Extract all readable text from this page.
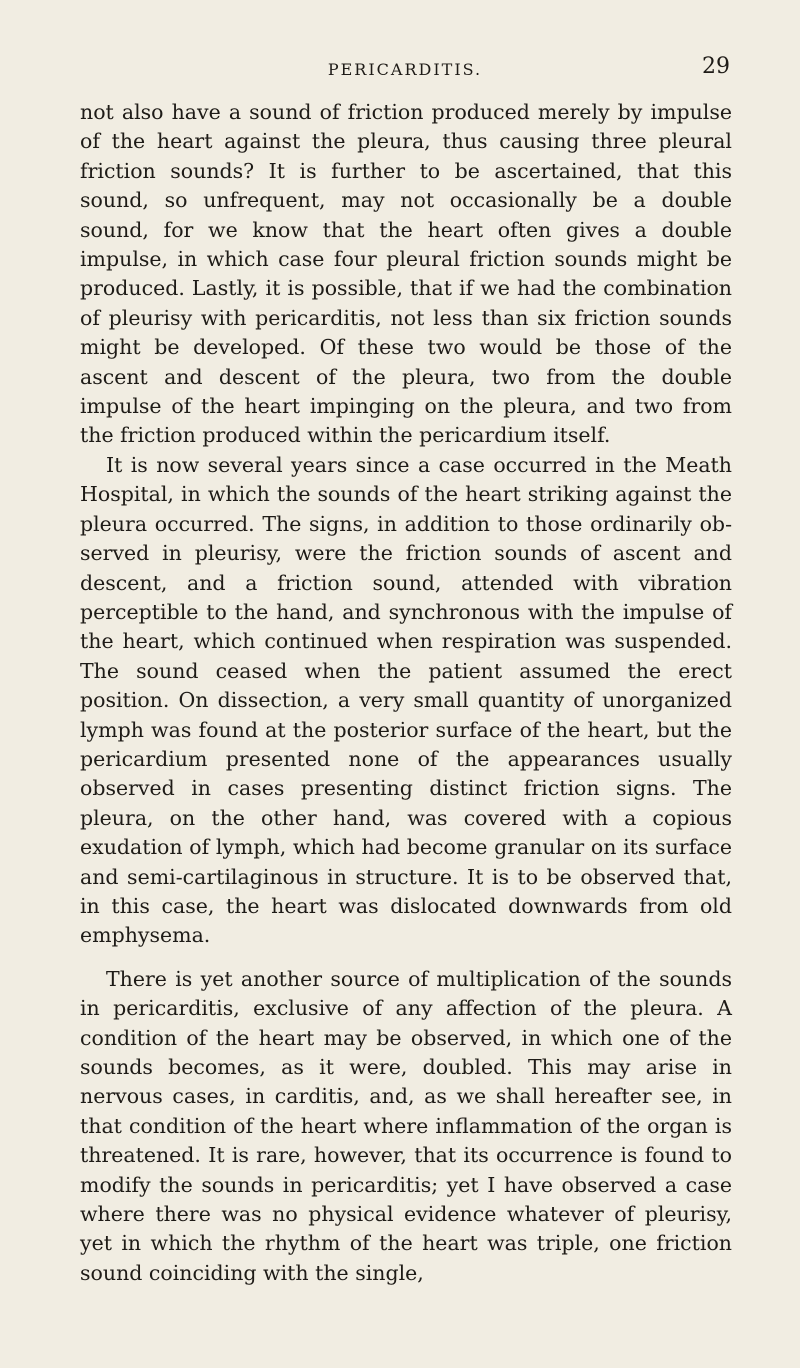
PERICARDITIS.	29

not also have a sound of friction produced merely by impulse of the heart against the pleura, thus causing three pleural friction sounds? It is further to be ascertained, that this sound, so unfrequent, may not occasionally be a double sound, for we know that the heart often gives a double impulse, in which case four pleural friction sounds might be produced. Lastly, it is possible, that if we had the combination of pleurisy with pericarditis, not less than six friction sounds might be developed. Of these two would be those of the ascent and descent of the pleura, two from the double impulse of the heart impinging on the pleura, and two from the friction produced within the pericardium itself.

It is now several years since a case occurred in the Meath Hospital, in which the sounds of the heart striking against the pleura occurred. The signs, in addition to those ordinarily observed in pleurisy, were the friction sounds of ascent and descent, and a friction sound, attended with vibration perceptible to the hand, and synchronous with the impulse of the heart, which continued when respiration was suspended. The sound ceased when the patient assumed the erect position. On dissection, a very small quantity of unorganized lymph was found at the posterior surface of the heart, but the pericardium presented none of the appearances usually observed in cases presenting distinct friction signs. The pleura, on the other hand, was covered with a copious exudation of lymph, which had become granular on its surface and semi-cartilaginous in structure. It is to be observed that, in this case, the heart was dislocated downwards from old emphysema.

There is yet another source of multiplication of the sounds in pericarditis, exclusive of any affection of the pleura. A condition of the heart may be observed, in which one of the sounds becomes, as it were, doubled. This may arise in nervous cases, in carditis, and, as we shall hereafter see, in that condition of the heart where inflammation of the organ is threatened. It is rare, however, that its occurrence is found to modify the sounds in pericarditis; yet I have observed a case where there was no physical evidence whatever of pleurisy, yet in which the rhythm of the heart was triple, one friction sound coinciding with the single,
